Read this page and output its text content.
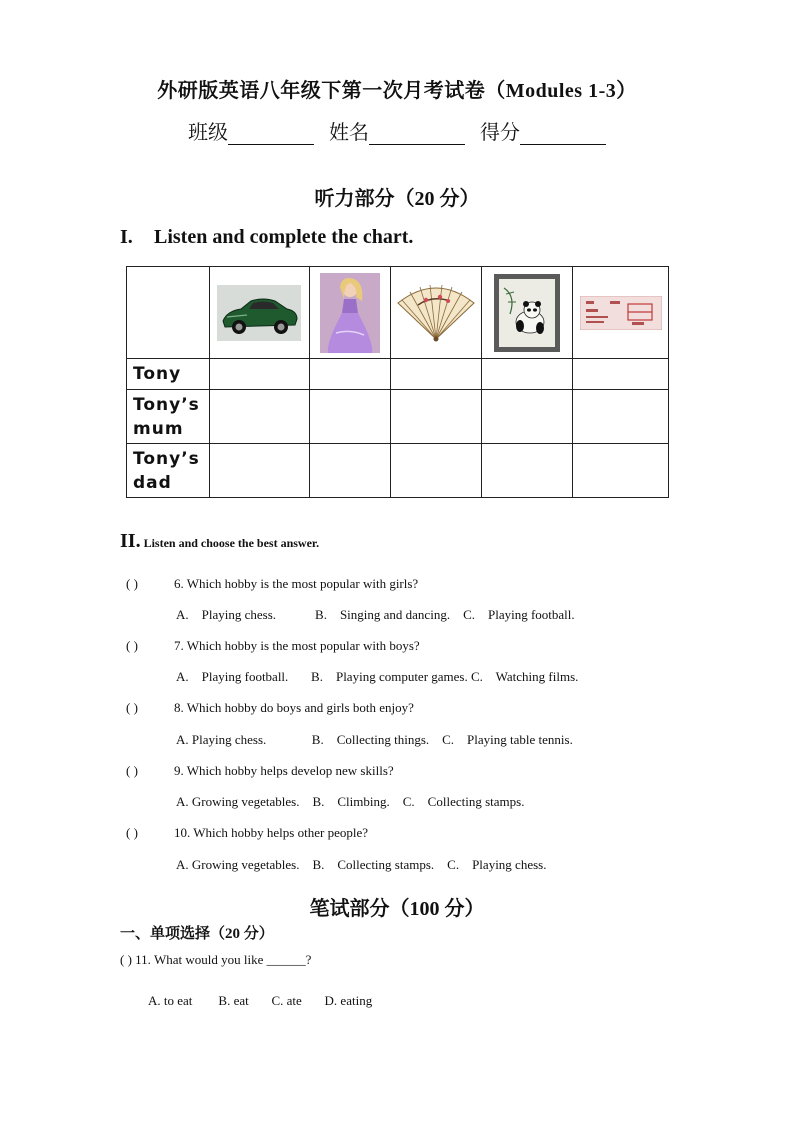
外研版英语八年级下第一次月考试卷（Modules 1-3）
班级	姓名	得分
听力部分（20 分）
I. Listen and complete the chart.

Tony					
Tony’s mum					
Tony’s dad					
II. Listen and choose the best answer.
( )	6. Which hobby is the most popular with girls?
A.    Playing chess.            B.    Singing and dancing.    C.    Playing football.
( )	7. Which hobby is the most popular with boys?
A.    Playing football.       B.    Playing computer games. C.    Watching films.
( )	8. Which hobby do boys and girls both enjoy?
A. Playing chess.              B.    Collecting things.    C.    Playing table tennis.
( )	9. Which hobby helps develop new skills?
A. Growing vegetables.    B.    Climbing.    C.    Collecting stamps.
( )	10. Which hobby helps other people?
A. Growing vegetables.    B.    Collecting stamps.    C.    Playing chess.
笔试部分（100 分）
一、单项选择（20 分）
( ) 11. What would you like ______?
A. to eat        B. eat       C. ate       D. eating
